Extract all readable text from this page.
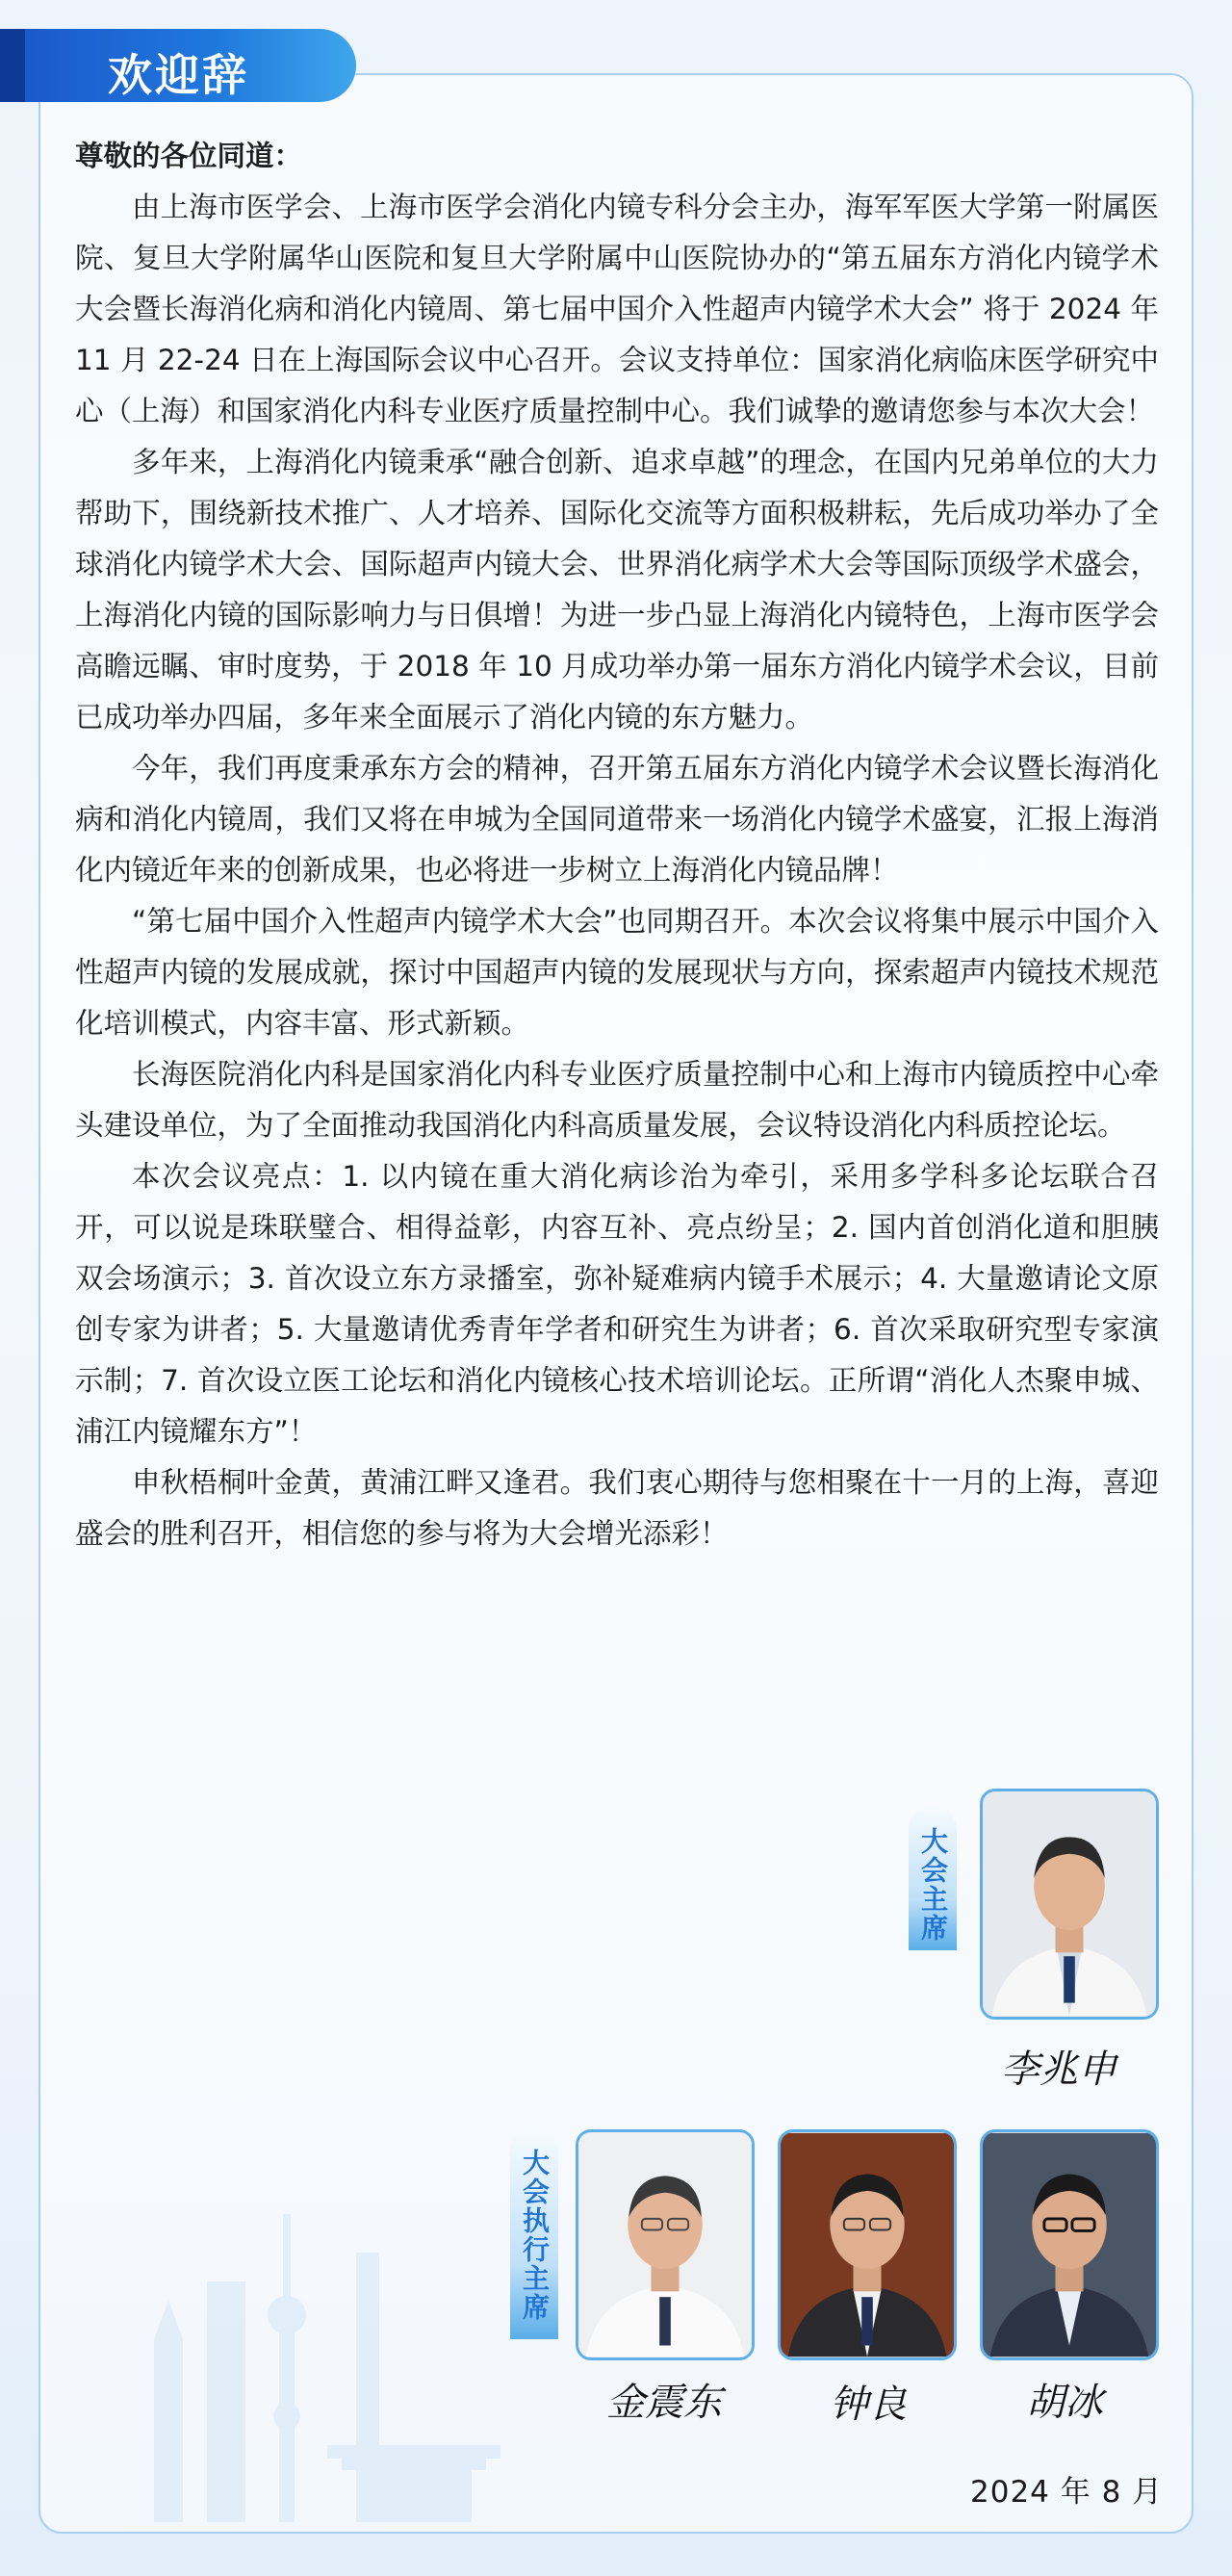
欢迎辞
尊敬的各位同道：

由上海市医学会、上海市医学会消化内镜专科分会主办，海军军医大学第一附属医院、复旦大学附属华山医院和复旦大学附属中山医院协办的“第五届东方消化内镜学术大会暨长海消化病和消化内镜周、第七届中国介入性超声内镜学术大会” 将于 2024 年 11 月 22-24 日在上海国际会议中心召开。会议支持单位：国家消化病临床医学研究中心（上海）和国家消化内科专业医疗质量控制中心。我们诚挚的邀请您参与本次大会！

多年来，上海消化内镜秉承“融合创新、追求卓越”的理念，在国内兄弟单位的大力帮助下，围绕新技术推广、人才培养、国际化交流等方面积极耕耘，先后成功举办了全球消化内镜学术大会、国际超声内镜大会、世界消化病学术大会等国际顶级学术盛会，上海消化内镜的国际影响力与日俱增！为进一步凸显上海消化内镜特色，上海市医学会高瞻远瞩、审时度势，于 2018 年 10 月成功举办第一届东方消化内镜学术会议，目前已成功举办四届，多年来全面展示了消化内镜的东方魅力。

今年，我们再度秉承东方会的精神，召开第五届东方消化内镜学术会议暨长海消化病和消化内镜周，我们又将在申城为全国同道带来一场消化内镜学术盛宴，汇报上海消化内镜近年来的创新成果，也必将进一步树立上海消化内镜品牌！

“第七届中国介入性超声内镜学术大会”也同期召开。本次会议将集中展示中国介入性超声内镜的发展成就，探讨中国超声内镜的发展现状与方向，探索超声内镜技术规范化培训模式，内容丰富、形式新颖。

长海医院消化内科是国家消化内科专业医疗质量控制中心和上海市内镜质控中心牵头建设单位，为了全面推动我国消化内科高质量发展，会议特设消化内科质控论坛。

本次会议亮点：1. 以内镜在重大消化病诊治为牵引，采用多学科多论坛联合召开，可以说是珠联璧合、相得益彰，内容互补、亮点纷呈；2. 国内首创消化道和胆胰双会场演示；3. 首次设立东方录播室，弥补疑难病内镜手术展示；4. 大量邀请论文原创专家为讲者；5. 大量邀请优秀青年学者和研究生为讲者；6. 首次采取研究型专家演示制；7. 首次设立医工论坛和消化内镜核心技术培训论坛。正所谓“消化人杰聚申城、浦江内镜耀东方”！

申秋梧桐叶金黄，黄浦江畔又逢君。我们衷心期待与您相聚在十一月的上海，喜迎盛会的胜利召开，相信您的参与将为大会增光添彩！

大会主席
李兆申
大会执行主席
金震东	钟良	胡冰
2024 年 8 月
